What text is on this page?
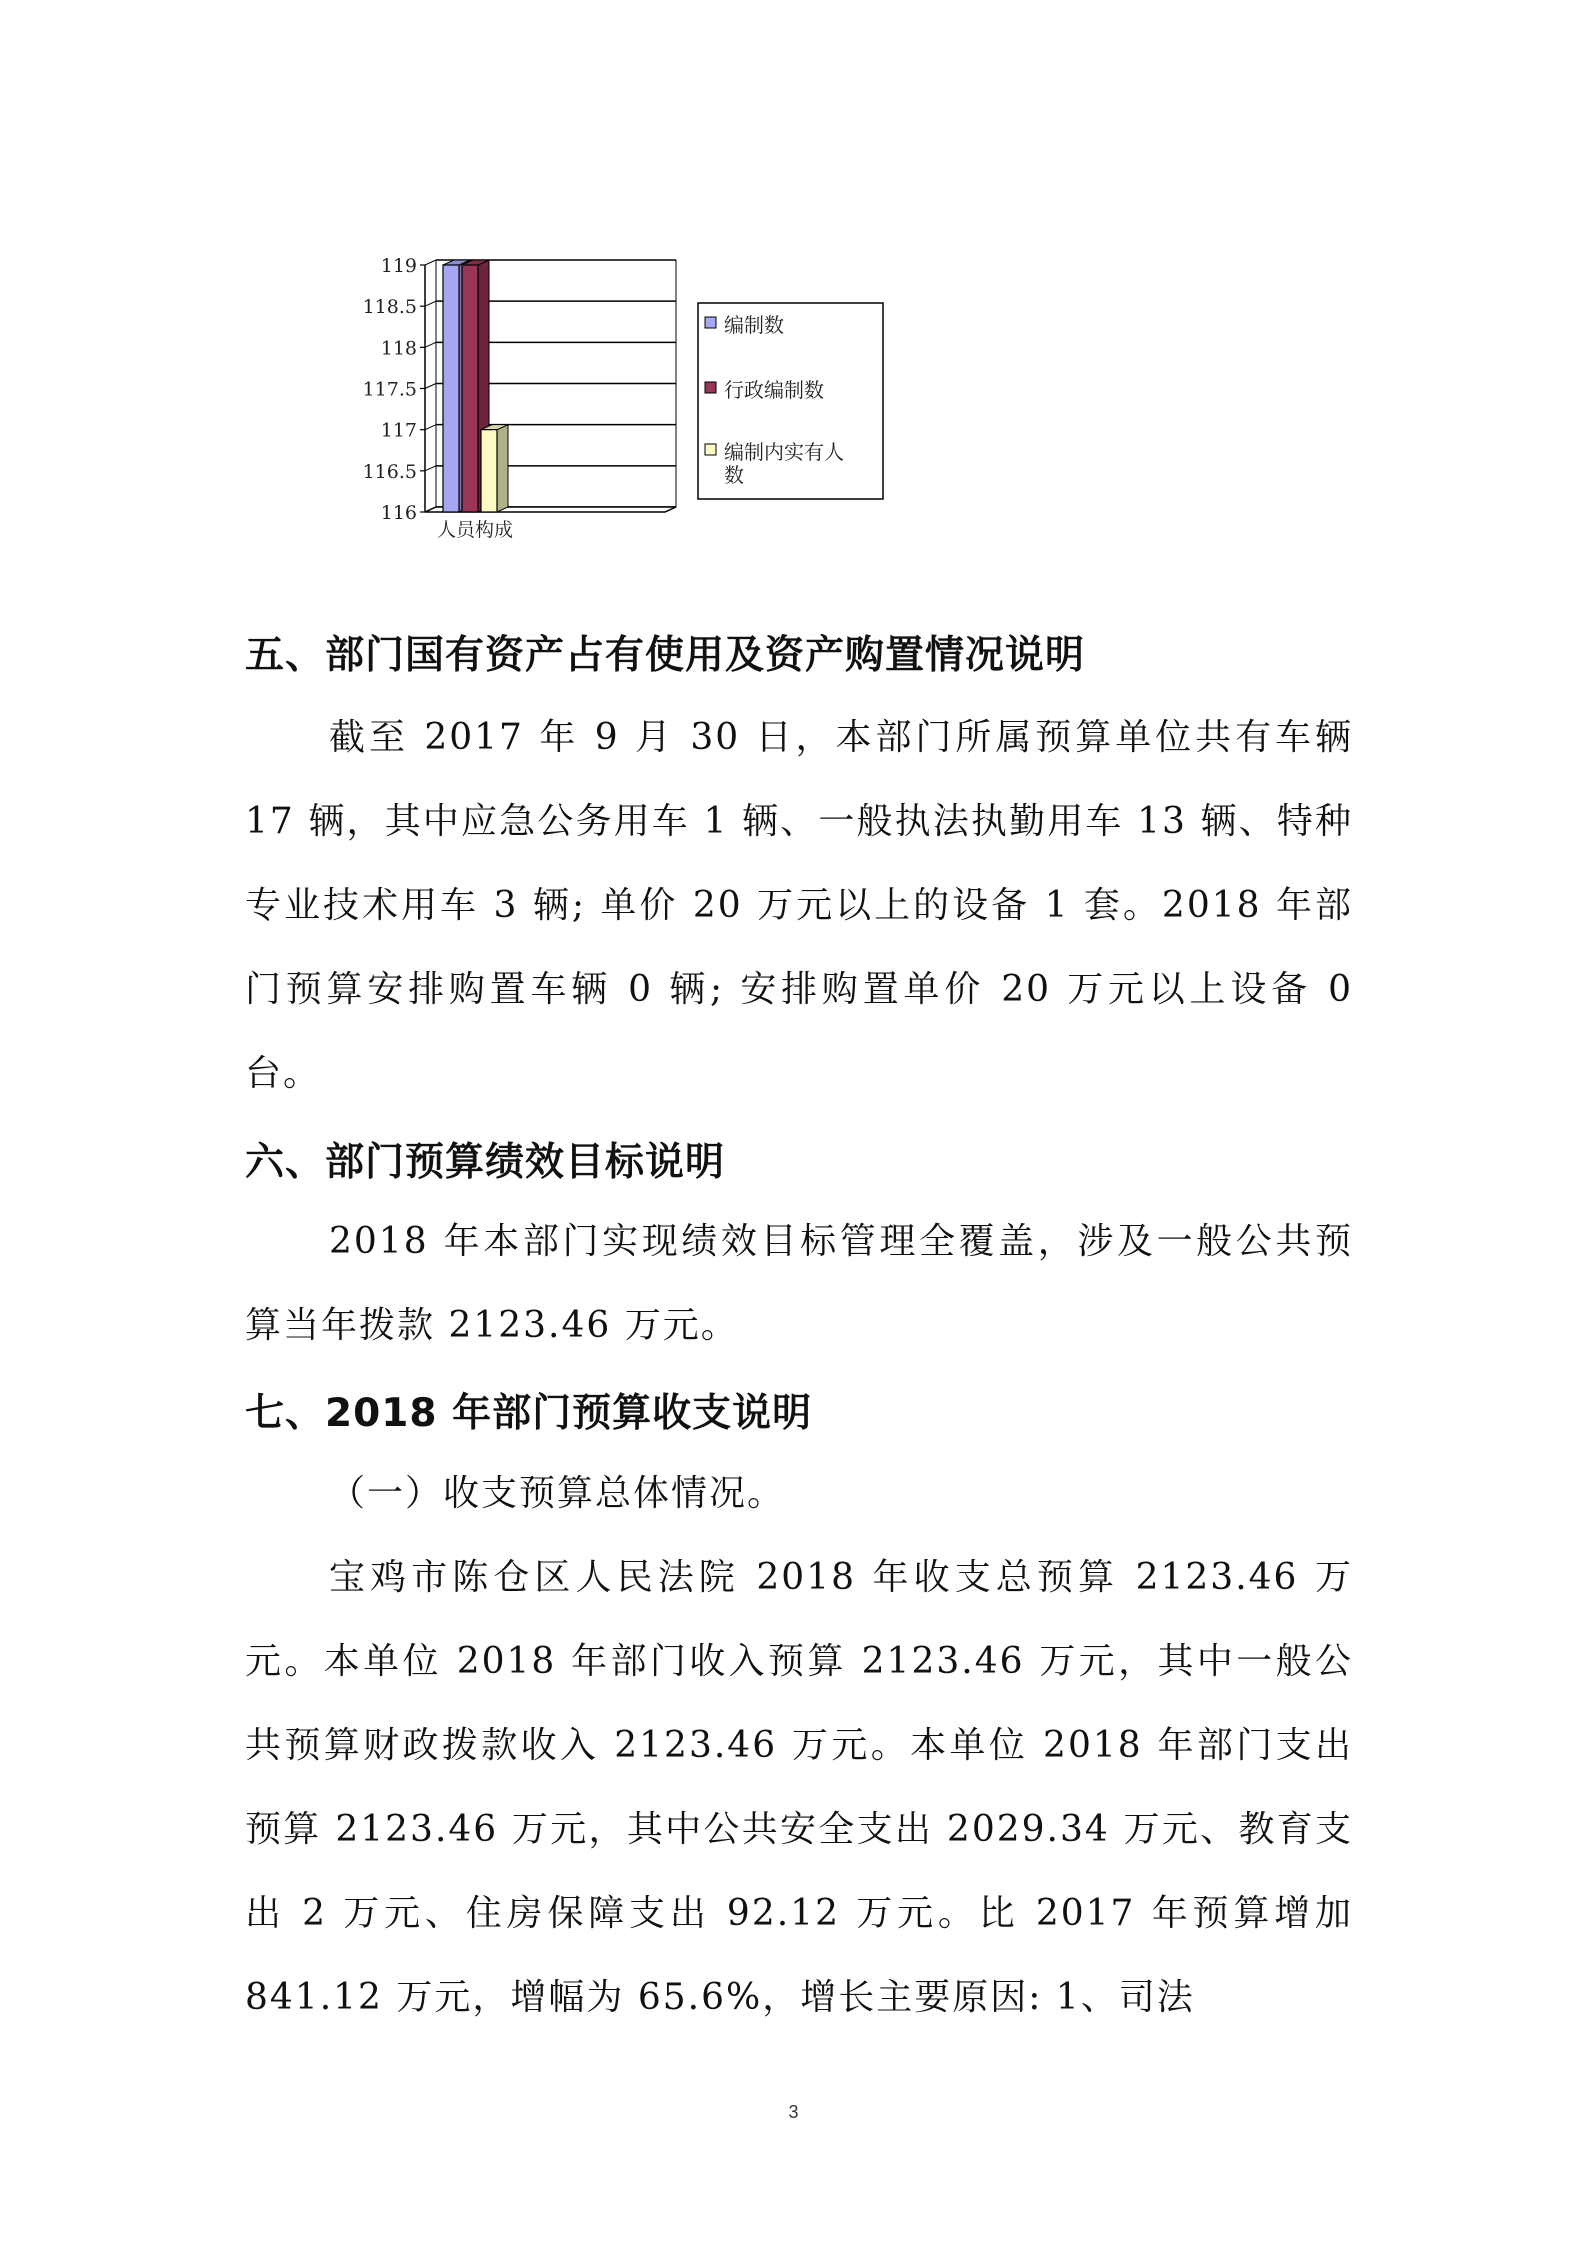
116
116.5
117
117.5
118
118.5
119
人员构成
编制数
行政编制数
编制内实有人
数

五、部门国有资产占有使用及资产购置情况说明

截至 2017 年 9 月 30 日，本部门所属预算单位共有车辆 17 辆，其中应急公务用车 1 辆、一般执法执勤用车 13 辆、特种专业技术用车 3 辆; 单价 20 万元以上的设备 1 套。2018 年部门预算安排购置车辆 0 辆; 安排购置单价 20 万元以上设备 0 台。

六、部门预算绩效目标说明

2018 年本部门实现绩效目标管理全覆盖，涉及一般公共预算当年拨款 2123.46 万元。

七、2018 年部门预算收支说明

（一）收支预算总体情况。

宝鸡市陈仓区人民法院 2018 年收支总预算 2123.46 万元。本单位 2018 年部门收入预算 2123.46 万元，其中一般公共预算财政拨款收入 2123.46 万元。本单位 2018 年部门支出预算 2123.46 万元，其中公共安全支出 2029.34 万元、教育支出 2 万元、住房保障支出 92.12 万元。比 2017 年预算增加 841.12 万元，增幅为 65.6%，增长主要原因: 1、司法

3
